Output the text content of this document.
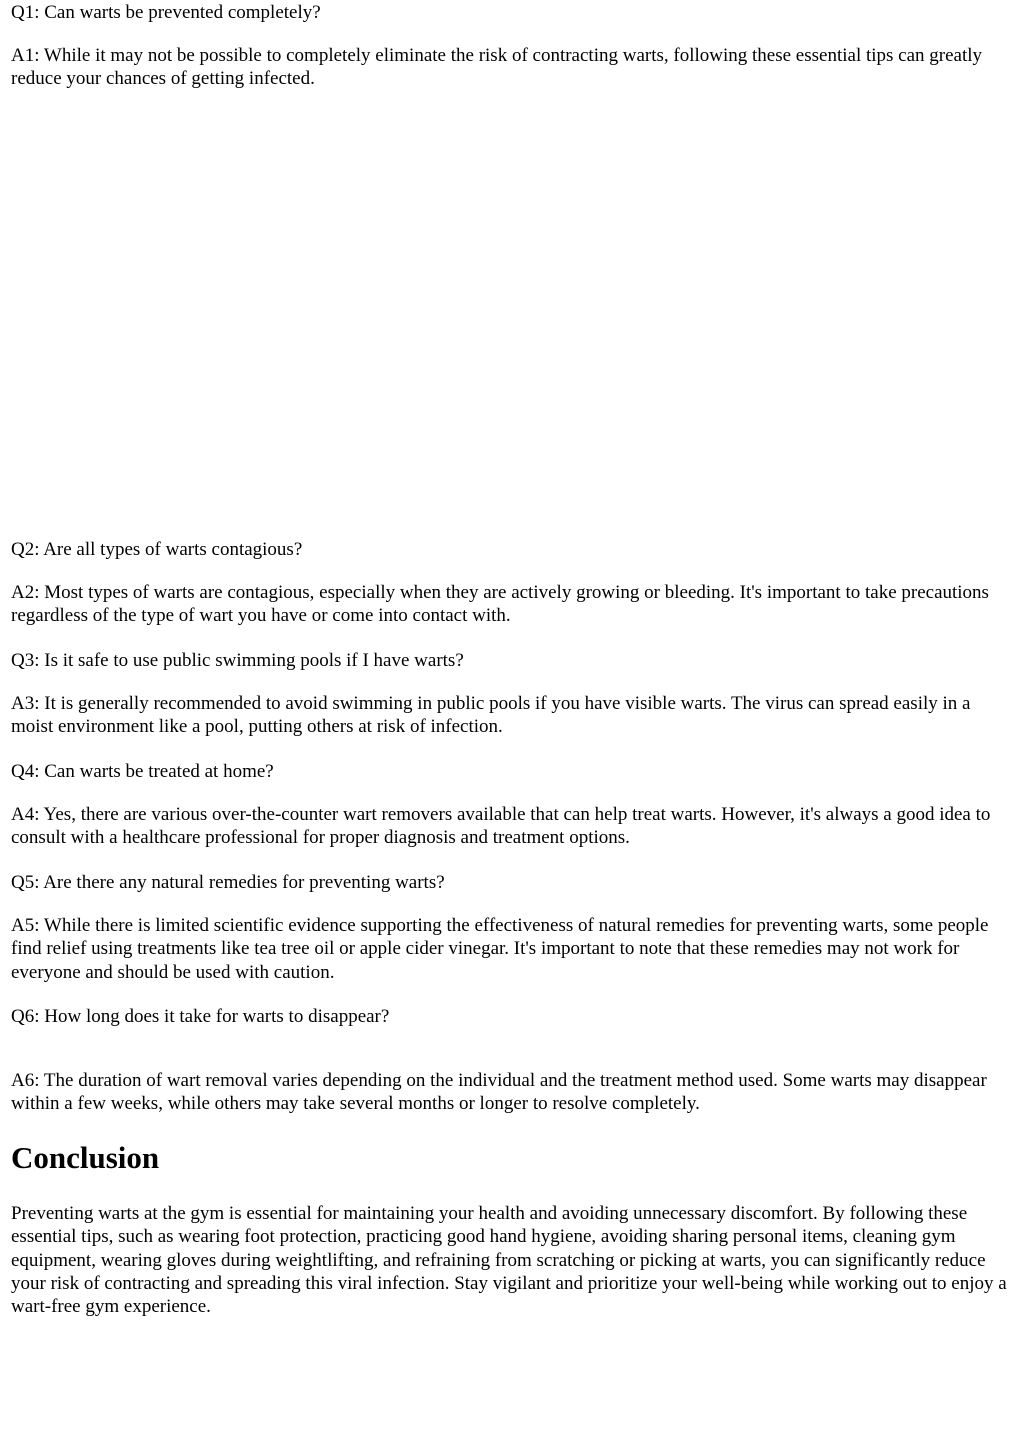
Q1: Can warts be prevented completely?

A1: While it may not be possible to completely eliminate the risk of contracting warts, following these essential tips can greatly reduce your chances of getting infected.

Q2: Are all types of warts contagious?

A2: Most types of warts are contagious, especially when they are actively growing or bleeding. It's important to take precautions regardless of the type of wart you have or come into contact with.

Q3: Is it safe to use public swimming pools if I have warts?

A3: It is generally recommended to avoid swimming in public pools if you have visible warts. The virus can spread easily in a moist environment like a pool, putting others at risk of infection.

Q4: Can warts be treated at home?

A4: Yes, there are various over-the-counter wart removers available that can help treat warts. However, it's always a good idea to consult with a healthcare professional for proper diagnosis and treatment options.

Q5: Are there any natural remedies for preventing warts?

A5: While there is limited scientific evidence supporting the effectiveness of natural remedies for preventing warts, some people find relief using treatments like tea tree oil or apple cider vinegar. It's important to note that these remedies may not work for everyone and should be used with caution.

Q6: How long does it take for warts to disappear?

A6: The duration of wart removal varies depending on the individual and the treatment method used. Some warts may disappear within a few weeks, while others may take several months or longer to resolve completely.

Conclusion

Preventing warts at the gym is essential for maintaining your health and avoiding unnecessary discomfort. By following these essential tips, such as wearing foot protection, practicing good hand hygiene, avoiding sharing personal items, cleaning gym equipment, wearing gloves during weightlifting, and refraining from scratching or picking at warts, you can significantly reduce your risk of contracting and spreading this viral infection. Stay vigilant and prioritize your well-being while working out to enjoy a wart-free gym experience.
